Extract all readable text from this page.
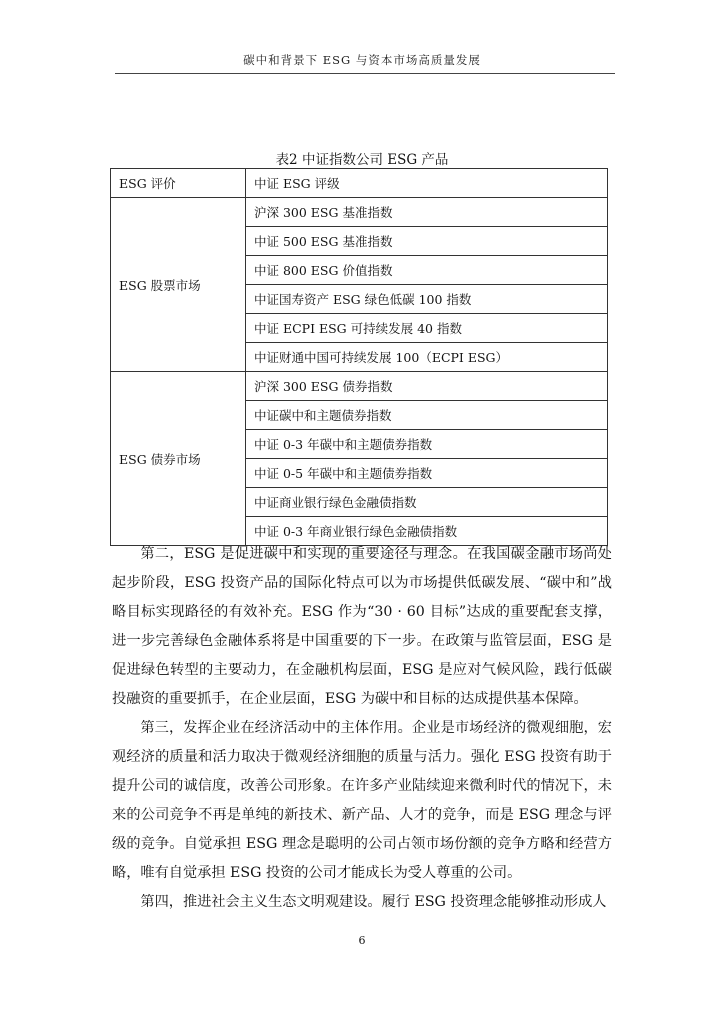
碳中和背景下 ESG 与资本市场高质量发展
表2 中证指数公司 ESG 产品
ESG 评价	中证 ESG 评级
ESG 股票市场	沪深 300 ESG 基准指数
	中证 500 ESG 基准指数
	中证 800 ESG 价值指数
	中证国寿资产 ESG 绿色低碳 100 指数
	中证 ECPI ESG 可持续发展 40 指数
	中证财通中国可持续发展 100（ECPI ESG）
ESG 债券市场	沪深 300 ESG 债券指数
	中证碳中和主题债券指数
	中证 0-3 年碳中和主题债券指数
	中证 0-5 年碳中和主题债券指数
	中证商业银行绿色金融债指数
	中证 0-3 年商业银行绿色金融债指数

第二，ESG 是促进碳中和实现的重要途径与理念。在我国碳金融市场尚处起步阶段，ESG 投资产品的国际化特点可以为市场提供低碳发展、“碳中和”战略目标实现路径的有效补充。ESG 作为“30 · 60 目标”达成的重要配套支撑，进一步完善绿色金融体系将是中国重要的下一步。在政策与监管层面，ESG 是促进绿色转型的主要动力，在金融机构层面，ESG 是应对气候风险，践行低碳投融资的重要抓手，在企业层面，ESG 为碳中和目标的达成提供基本保障。

第三，发挥企业在经济活动中的主体作用。企业是市场经济的微观细胞，宏观经济的质量和活力取决于微观经济细胞的质量与活力。强化 ESG 投资有助于提升公司的诚信度，改善公司形象。在许多产业陆续迎来微利时代的情况下，未来的公司竞争不再是单纯的新技术、新产品、人才的竞争，而是 ESG 理念与评级的竞争。自觉承担 ESG 理念是聪明的公司占领市场份额的竞争方略和经营方略，唯有自觉承担 ESG 投资的公司才能成长为受人尊重的公司。

第四，推进社会主义生态文明观建设。履行 ESG 投资理念能够推动形成人

6
